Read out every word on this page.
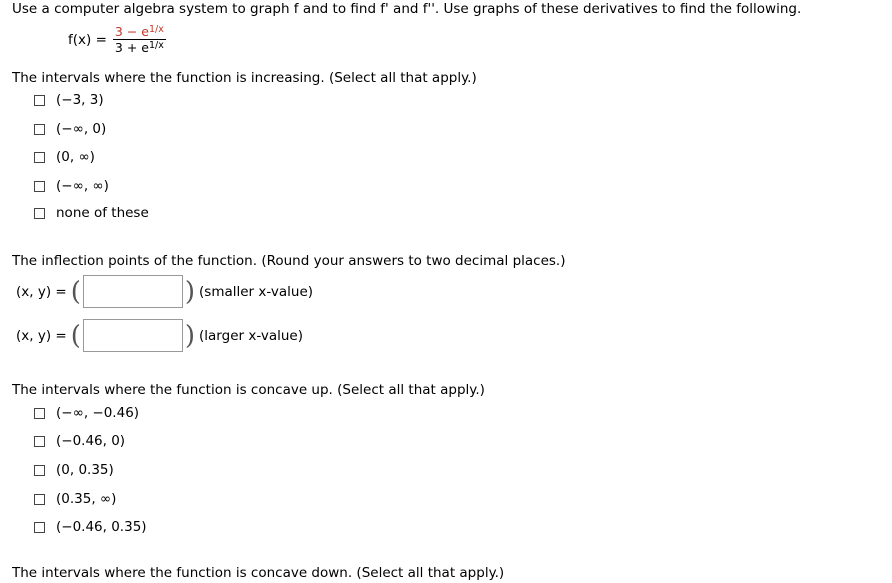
Use a computer algebra system to graph f and to find f' and f''. Use graphs of these derivatives to find the following.
$f(x) = \frac{3 - e^{1/x}}{3 + e^{1/x}}$
The intervals where the function is increasing. (Select all that apply.)
(−3, 3)
(−∞, 0)
(0, ∞)
(−∞, ∞)
none of these
The inflection points of the function. (Round your answers to two decimal places.)
(x, y) = (	) (smaller x-value)
(x, y) = (	) (larger x-value)
The intervals where the function is concave up. (Select all that apply.)
(−∞, −0.46)
(−0.46, 0)
(0, 0.35)
(0.35, ∞)
(−0.46, 0.35)
The intervals where the function is concave down. (Select all that apply.)
